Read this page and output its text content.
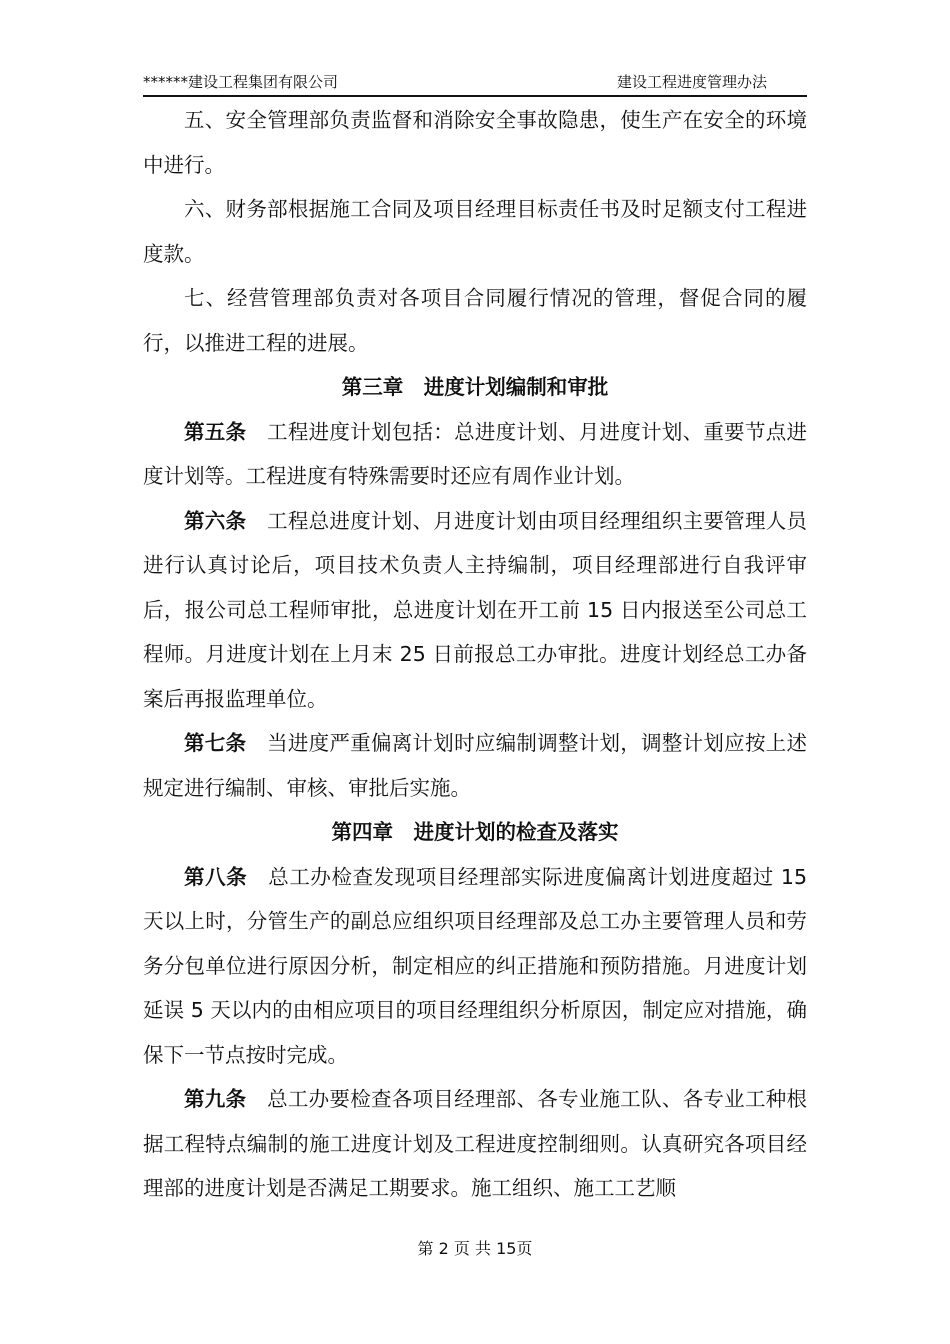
******建设工程集团有限公司	建设工程进度管理办法

五、安全管理部负责监督和消除安全事故隐患，使生产在安全的环境中进行。

六、财务部根据施工合同及项目经理目标责任书及时足额支付工程进度款。

七、经营管理部负责对各项目合同履行情况的管理，督促合同的履行，以推进工程的进展。

第三章　进度计划编制和审批

第五条　工程进度计划包括：总进度计划、月进度计划、重要节点进度计划等。工程进度有特殊需要时还应有周作业计划。

第六条　工程总进度计划、月进度计划由项目经理组织主要管理人员进行认真讨论后，项目技术负责人主持编制，项目经理部进行自我评审后，报公司总工程师审批，总进度计划在开工前 15 日内报送至公司总工程师。月进度计划在上月末 25 日前报总工办审批。进度计划经总工办备案后再报监理单位。

第七条　当进度严重偏离计划时应编制调整计划，调整计划应按上述规定进行编制、审核、审批后实施。

第四章　进度计划的检查及落实

第八条　总工办检查发现项目经理部实际进度偏离计划进度超过 15 天以上时，分管生产的副总应组织项目经理部及总工办主要管理人员和劳务分包单位进行原因分析，制定相应的纠正措施和预防措施。月进度计划延误 5 天以内的由相应项目的项目经理组织分析原因，制定应对措施，确保下一节点按时完成。

第九条　总工办要检查各项目经理部、各专业施工队、各专业工种根据工程特点编制的施工进度计划及工程进度控制细则。认真研究各项目经理部的进度计划是否满足工期要求。施工组织、施工工艺顺

第 2 页 共 15页
